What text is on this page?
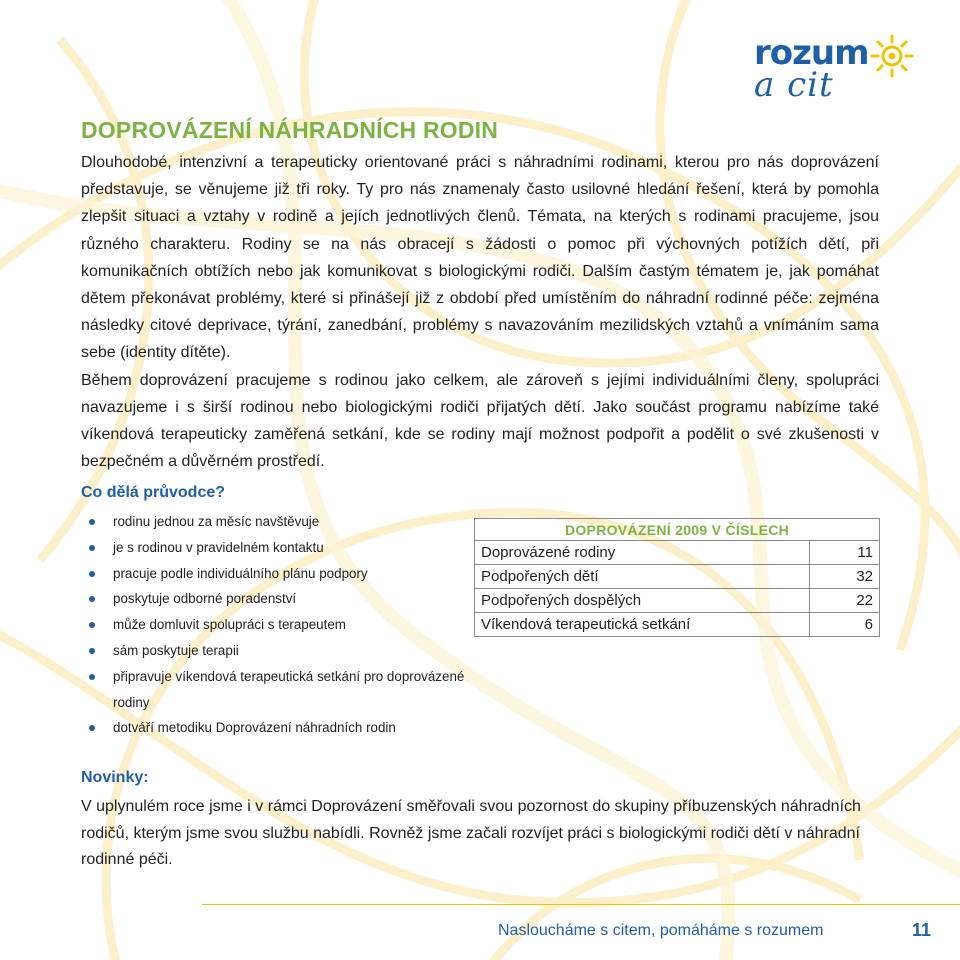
rozum
a cit
DOPROVÁZENÍ NÁHRADNÍCH RODIN

Dlouhodobé, intenzivní a terapeuticky orientované práci s náhradními rodinami, kterou pro nás doprovázení představuje, se věnujeme již tři roky. Ty pro nás znamenaly často usilovné hledání řešení, která by pomohla zlepšit situaci a vztahy v rodině a jejích jednotlivých členů. Témata, na kterých s rodinami pracujeme, jsou různého charakteru. Rodiny se na nás obracejí s žádosti o pomoc při výchovných potížích dětí, při komunikačních obtížích nebo jak komunikovat s biologickými rodiči. Dalším častým tématem je, jak pomáhat dětem překonávat problémy, které si přinášejí již z období před umístěním do náhradní rodinné péče: zejména následky citové deprivace, týrání, zanedbání, problémy s navazováním mezilidských vztahů a vnímáním sama sebe (identity dítěte).

Během doprovázení pracujeme s rodinou jako celkem, ale zároveň s jejími individuálními členy, spolupráci navazujeme i s širší rodinou nebo biologickými rodiči přijatých dětí. Jako součást programu nabízíme také víkendová terapeuticky zaměřená setkání, kde se rodiny mají možnost podpořit a podělit o své zkušenosti v bezpečném a důvěrném prostředí.

Co dělá průvodce?
rodinu jednou za měsíc navštěvuje
je s rodinou v pravidelném kontaktu
pracuje podle individuálního plánu podpory
poskytuje odborné poradenství
může domluvit spolupráci s terapeutem
sám poskytuje terapii
připravuje víkendová terapeutická setkání pro doprovázené rodiny
dotváří metodiku Doprovázení náhradních rodin
DOPROVÁZENÍ 2009 V ČÍSLECH
Doprovázené rodiny	11
Podpořených dětí	32
Podpořených dospělých	22
Víkendová terapeutická setkání	6
Novinky:

V uplynulém roce jsme i v rámci Doprovázení směřovali svou pozornost do skupiny příbuzenských náhradních rodičů, kterým jsme svou službu nabídli. Rovněž jsme začali rozvíjet práci s biologickými rodiči dětí v náhradní rodinné péči.

Nasloucháme s citem, pomáháme s rozumem	11
